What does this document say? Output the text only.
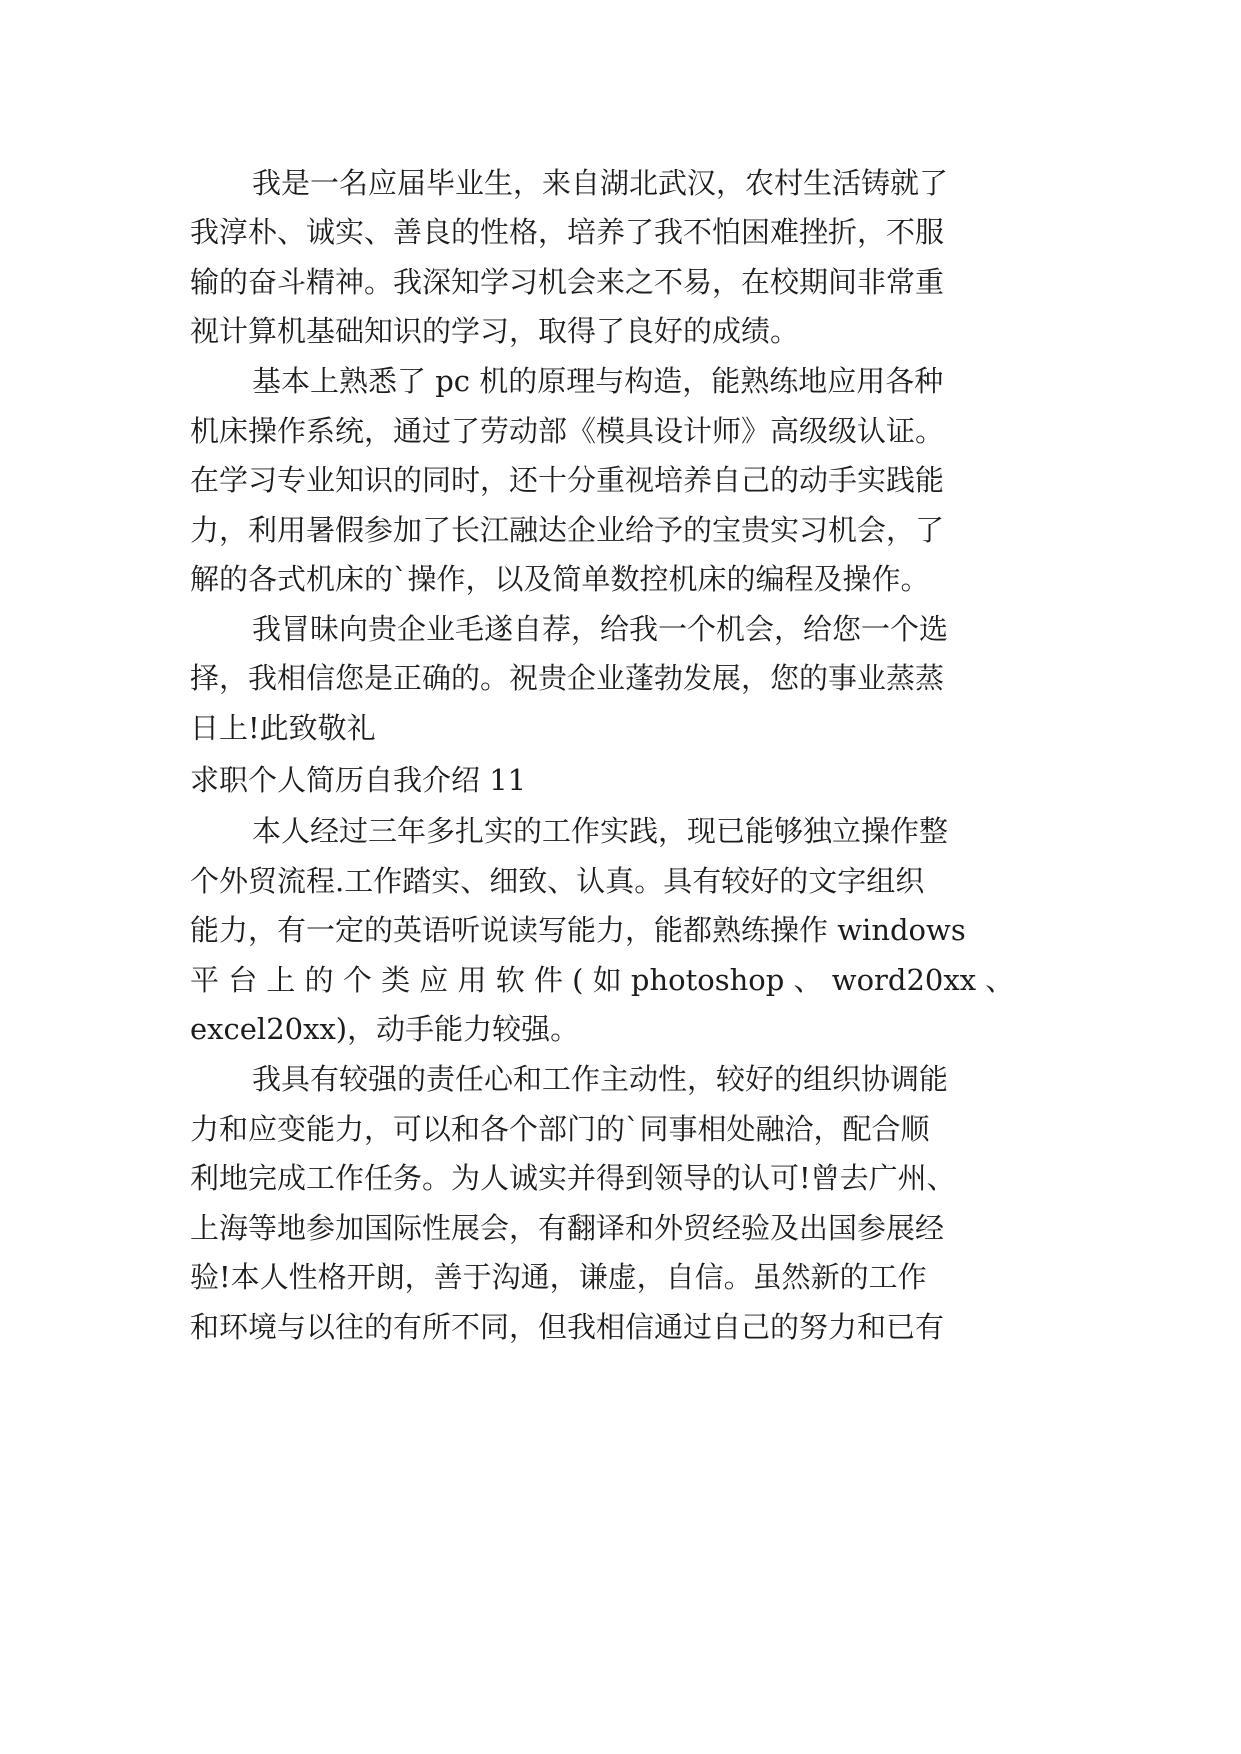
我是一名应届毕业生，来自湖北武汉，农村生活铸就了
我淳朴、诚实、善良的性格，培养了我不怕困难挫折，不服
输的奋斗精神。我深知学习机会来之不易，在校期间非常重
视计算机基础知识的学习，取得了良好的成绩。
基本上熟悉了 pc 机的原理与构造，能熟练地应用各种
机床操作系统，通过了劳动部《模具设计师》高级级认证。
在学习专业知识的同时，还十分重视培养自己的动手实践能
力，利用暑假参加了长江融达企业给予的宝贵实习机会，了
解的各式机床的`操作，以及简单数控机床的编程及操作。
我冒昧向贵企业毛遂自荐，给我一个机会，给您一个选
择，我相信您是正确的。祝贵企业蓬勃发展，您的事业蒸蒸
日上!此致敬礼
求职个人简历自我介绍 11
本人经过三年多扎实的工作实践，现已能够独立操作整
个外贸流程.工作踏实、细致、认真。具有较好的文字组织
能力，有一定的英语听说读写能力，能都熟练操作 windows
平 台 上 的 个 类 应 用 软 件 ( 如 photoshop 、 word20xx 、
excel20xx)，动手能力较强。
我具有较强的责任心和工作主动性，较好的组织协调能
力和应变能力，可以和各个部门的`同事相处融洽，配合顺
利地完成工作任务。为人诚实并得到领导的认可!曾去广州、
上海等地参加国际性展会，有翻译和外贸经验及出国参展经
验!本人性格开朗，善于沟通，谦虚，自信。虽然新的工作
和环境与以往的有所不同，但我相信通过自己的努力和已有
